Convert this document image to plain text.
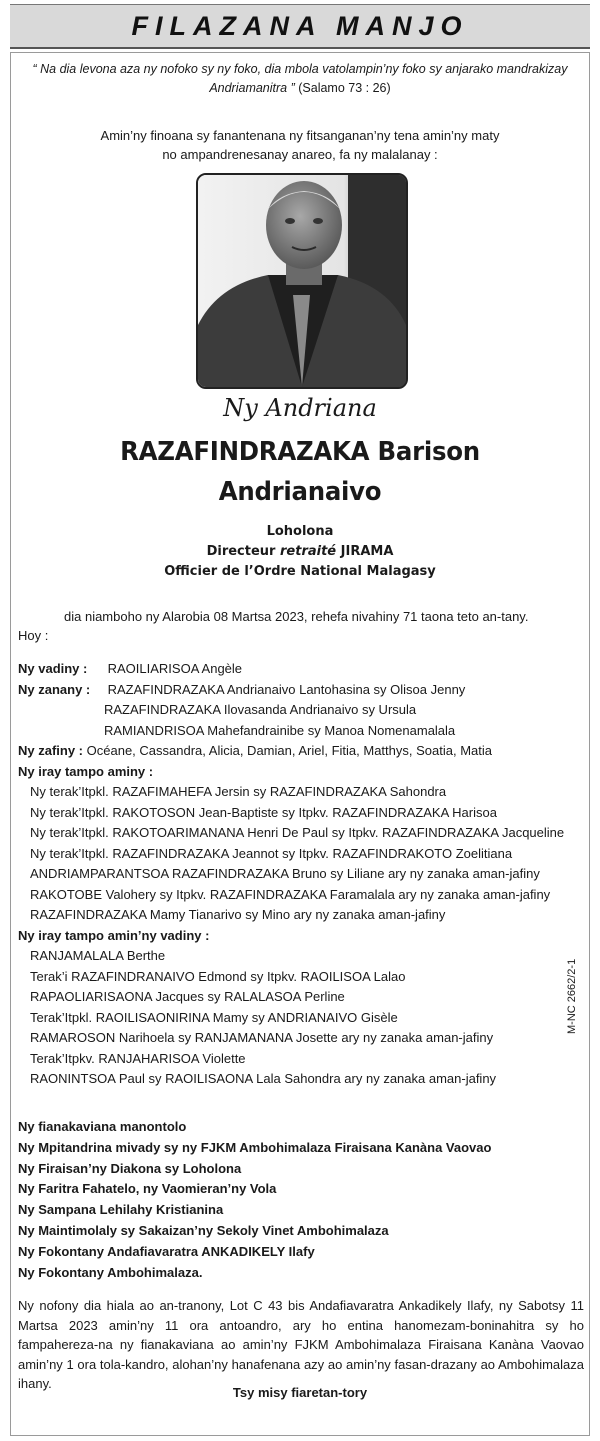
FILAZANA MANJO
“ Na dia levona aza ny nofoko sy ny foko, dia mbola vatolampin’ny foko sy anjarako mandrakizay Andriamanitra ” (Salamo 73 : 26)
Amin’ny finoana sy fanantenana ny fitsanganan’ny tena amin’ny maty
no ampandrenesanay anareo, fa ny malalanay :
Ny Andriana
RAZAFINDRAZAKA Barison
Andrianaivo
Loholona
Directeur retraité JIRAMA
Officier de l’Ordre National Malagasy
dia niamboho ny Alarobia 08 Martsa 2023, rehefa nivahiny 71 taona teto an-tany.
Hoy :
Ny vadiny : RAOILIARISOA Angèle
Ny zanany : RAZAFINDRAZAKA Andrianaivo Lantohasina sy Olisoa Jenny
RAZAFINDRAZAKA Ilovasanda Andrianaivo sy Ursula
RAMIANDRISOA Mahefandrainibe sy Manoa Nomenamalala
Ny zafiny : Océane, Cassandra, Alicia, Damian, Ariel, Fitia, Matthys, Soatia, Matia
Ny iray tampo aminy :
Ny terak’Itpkl. RAZAFIMAHEFA Jersin sy RAZAFINDRAZAKA Sahondra
Ny terak’Itpkl. RAKOTOSON Jean-Baptiste sy Itpkv. RAZAFINDRAZAKA Harisoa
Ny terak’Itpkl. RAKOTOARIMANANA Henri De Paul sy Itpkv. RAZAFINDRAZAKA Jacqueline
Ny terak’Itpkl. RAZAFINDRAZAKA Jeannot sy Itpkv. RAZAFINDRAKOTO Zoelitiana
ANDRIAMPARANTSOA RAZAFINDRAZAKA Bruno sy Liliane ary ny zanaka aman-jafiny
RAKOTOBE Valohery sy Itpkv. RAZAFINDRAZAKA Faramalala ary ny zanaka aman-jafiny
RAZAFINDRAZAKA Mamy Tianarivo sy Mino ary ny zanaka aman-jafiny
Ny iray tampo amin’ny vadiny :
RANJAMALALA Berthe
Terak’i RAZAFINDRANAIVO Edmond sy Itpkv. RAOILISOA Lalao
RAPAOLIARISAONA Jacques sy RALALASOA Perline
Terak’Itpkl. RAOILISAONIRINA Mamy sy ANDRIANAIVO Gisèle
RAMAROSON Narihoela sy RANJAMANANA Josette ary ny zanaka aman-jafiny
Terak’Itpkv. RANJAHARISOA Violette
RAONINTSOA Paul sy RAOILISAONA Lala Sahondra ary ny zanaka aman-jafiny
Ny fianakaviana manontolo
Ny Mpitandrina mivady sy ny FJKM Ambohimalaza Firaisana Kanàna Vaovao
Ny Firaisan’ny Diakona sy Loholona
Ny Faritra Fahatelo, ny Vaomieran’ny Vola
Ny Sampana Lehilahy Kristianina
Ny Maintimolaly sy Sakaizan’ny Sekoly Vinet Ambohimalaza
Ny Fokontany Andafiavaratra ANKADIKELY Ilafy
Ny Fokontany Ambohimalaza.
Ny nofony dia hiala ao an-tranony, Lot C 43 bis Andafiavaratra Ankadikely Ilafy, ny Sabotsy 11 Martsa 2023 amin’ny 11 ora antoandro, ary ho entina hanomezam-boninahitra sy ho fampahereza-na ny fianakaviana ao amin’ny FJKM Ambohimalaza Firaisana Kanàna Vaovao amin’ny 1 ora tola-kandro, alohan’ny hanafenana azy ao amin’ny fasan-drazany ao Ambohimalaza ihany.
Tsy misy fiaretan-tory
M-NC 2662/2-1
